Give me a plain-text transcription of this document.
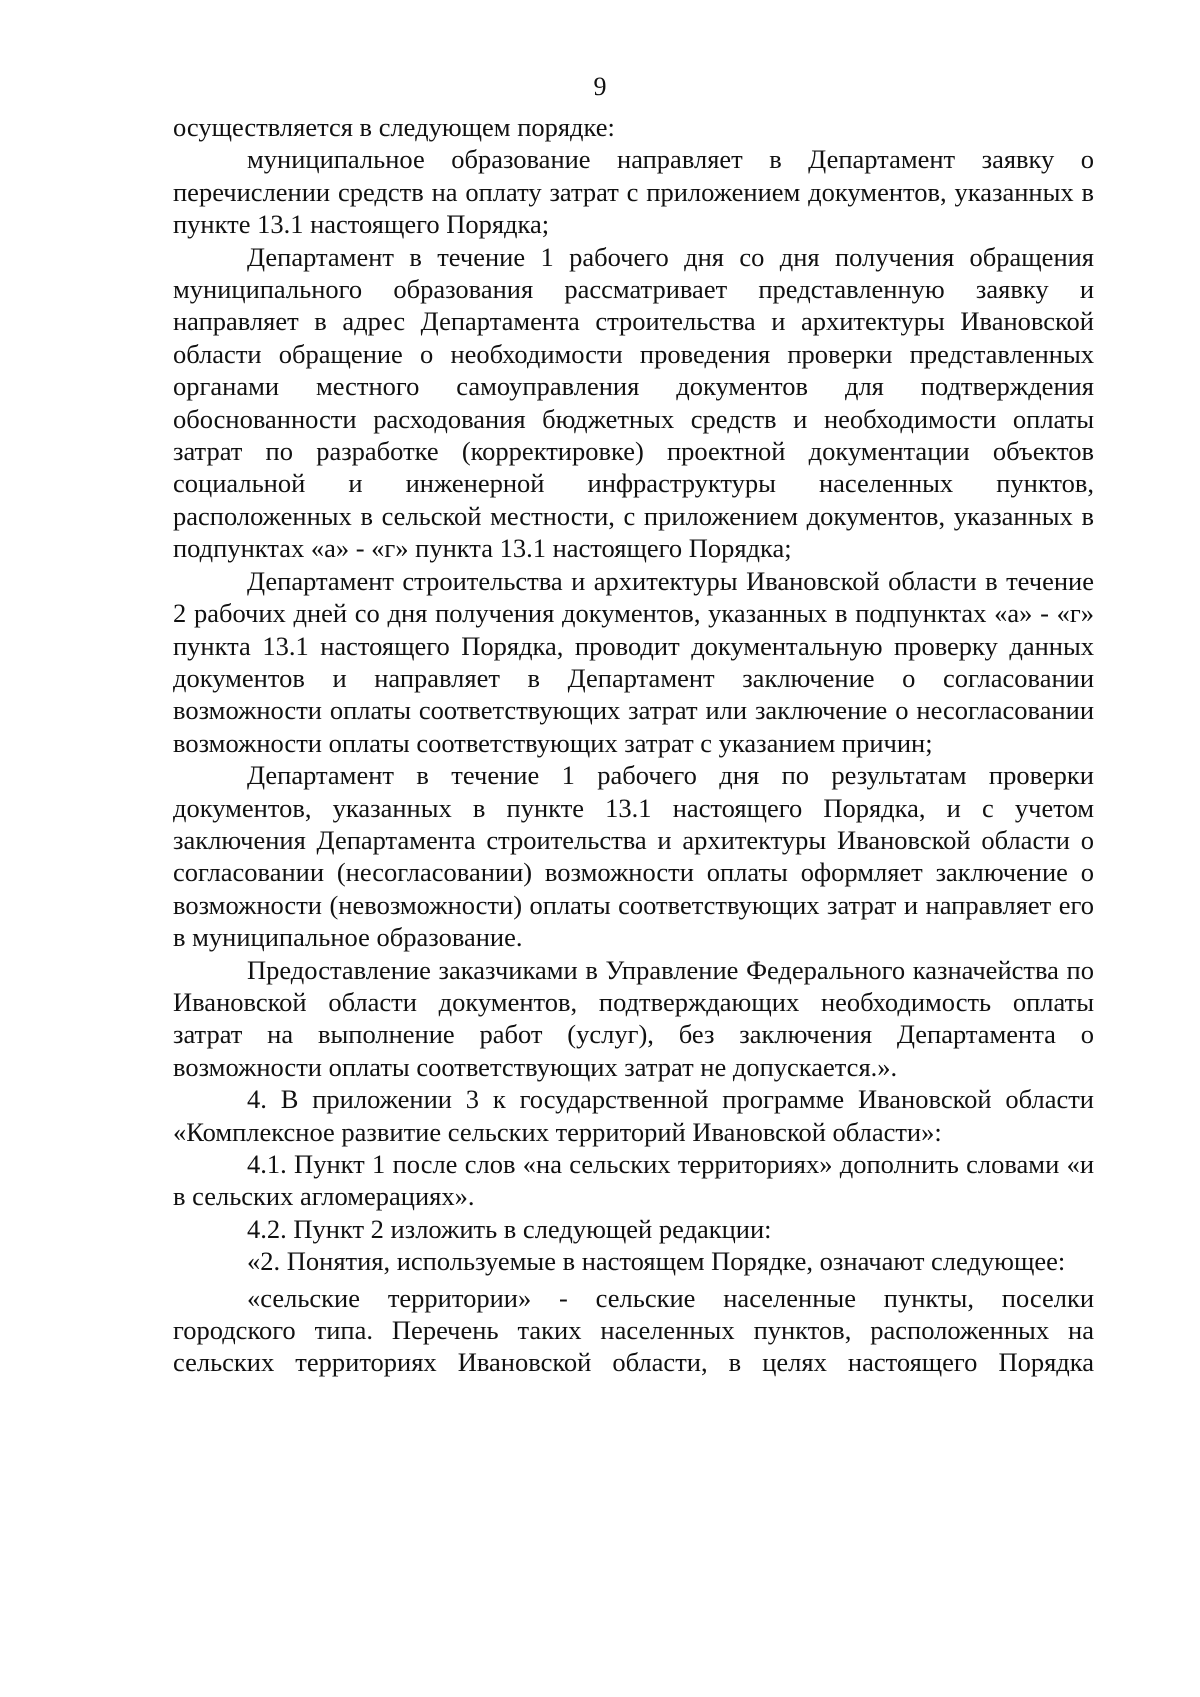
9

осуществляется в следующем порядке:

муниципальное образование направляет в Департамент заявку о перечислении средств на оплату затрат с приложением документов, указанных в пункте 13.1 настоящего Порядка;

Департамент в течение 1 рабочего дня со дня получения обращения муниципального образования рассматривает представленную заявку и направляет в адрес Департамента строительства и архитектуры Ивановской области обращение о необходимости проведения проверки представленных органами местного самоуправления документов для подтверждения обоснованности расходования бюджетных средств и необходимости оплаты затрат по разработке (корректировке) проектной документации объектов социальной и инженерной инфраструктуры населенных пунктов, расположенных в сельской местности, с приложением документов, указанных в подпунктах «а» - «г» пункта 13.1 настоящего Порядка;

Департамент строительства и архитектуры Ивановской области в течение 2 рабочих дней со дня получения документов, указанных в подпунктах «а» - «г» пункта 13.1 настоящего Порядка, проводит документальную проверку данных документов и направляет в Департамент заключение о согласовании возможности оплаты соответствующих затрат или заключение о несогласовании возможности оплаты соответствующих затрат с указанием причин;

Департамент в течение 1 рабочего дня по результатам проверки документов, указанных в пункте 13.1 настоящего Порядка, и с учетом заключения Департамента строительства и архитектуры Ивановской области о согласовании (несогласовании) возможности оплаты оформляет заключение о возможности (невозможности) оплаты соответствующих затрат и направляет его в муниципальное образование.

Предоставление заказчиками в Управление Федерального казначейства по Ивановской области документов, подтверждающих необходимость оплаты затрат на выполнение работ (услуг), без заключения Департамента о возможности оплаты соответствующих затрат не допускается.».

4. В приложении 3 к государственной программе Ивановской области «Комплексное развитие сельских территорий Ивановской области»:

4.1. Пункт 1 после слов «на сельских территориях» дополнить словами «и в сельских агломерациях».

4.2. Пункт 2 изложить в следующей редакции:

«2. Понятия, используемые в настоящем Порядке, означают следующее:

«сельские территории» - сельские населенные пункты, поселки городского типа. Перечень таких населенных пунктов, расположенных на сельских территориях Ивановской области, в целях настоящего Порядка
